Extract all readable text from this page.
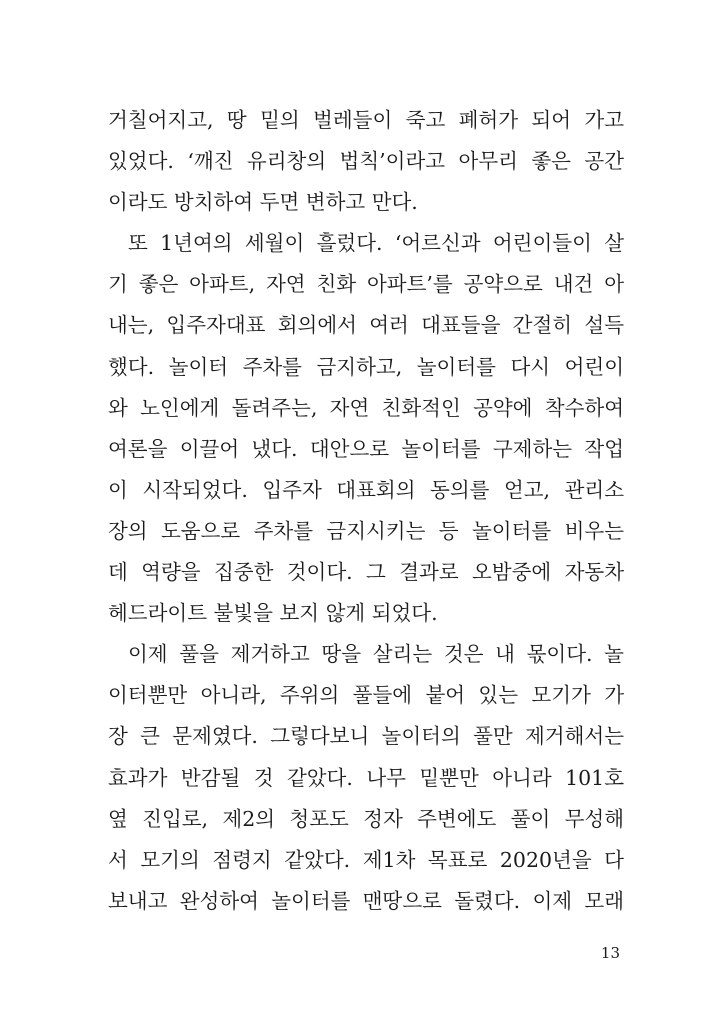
거칠어지고, 땅 밑의 벌레들이 죽고 폐허가 되어 가고
있었다. ‘깨진 유리창의 법칙’이라고 아무리 좋은 공간
이라도 방치하여 두면 변하고 만다.
또 1년여의 세월이 흘렀다. ‘어르신과 어린이들이 살
기 좋은 아파트, 자연 친화 아파트’를 공약으로 내건 아
내는, 입주자대표 회의에서 여러 대표들을 간절히 설득
했다. 놀이터 주차를 금지하고, 놀이터를 다시 어린이
와 노인에게 돌려주는, 자연 친화적인 공약에 착수하여
여론을 이끌어 냈다. 대안으로 놀이터를 구제하는 작업
이 시작되었다. 입주자 대표회의 동의를 얻고, 관리소
장의 도움으로 주차를 금지시키는 등 놀이터를 비우는
데 역량을 집중한 것이다. 그 결과로 오밤중에 자동차
헤드라이트 불빛을 보지 않게 되었다.
이제 풀을 제거하고 땅을 살리는 것은 내 몫이다. 놀
이터뿐만 아니라, 주위의 풀들에 붙어 있는 모기가 가
장 큰 문제였다. 그렇다보니 놀이터의 풀만 제거해서는
효과가 반감될 것 같았다. 나무 밑뿐만 아니라 101호
옆 진입로, 제2의 청포도 정자 주변에도 풀이 무성해
서 모기의 점령지 같았다. 제1차 목표로 2020년을 다
보내고 완성하여 놀이터를 맨땅으로 돌렸다. 이제 모래
13
